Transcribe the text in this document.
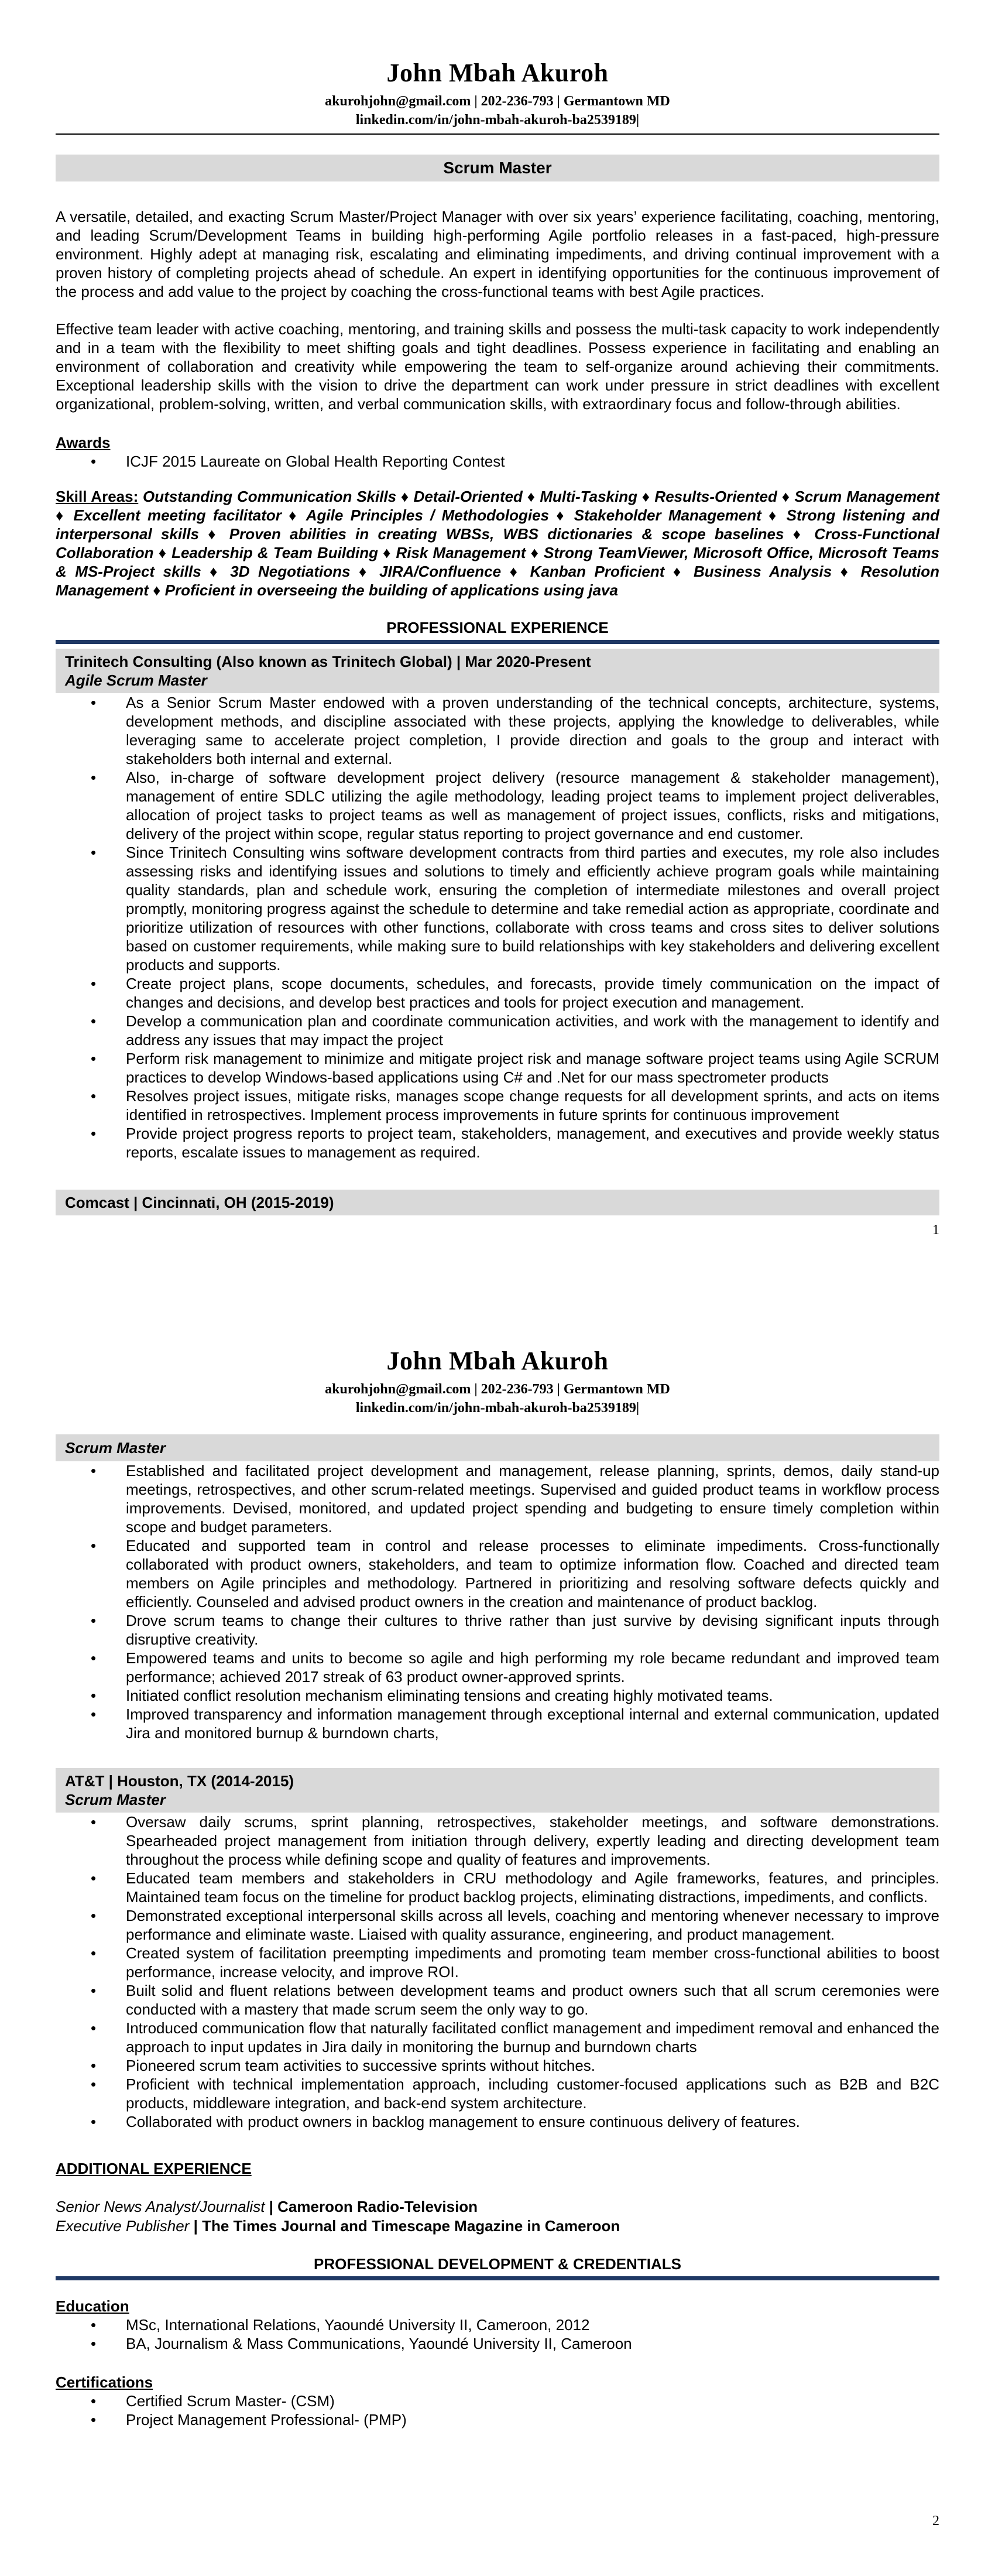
John Mbah Akuroh
akurohjohn@gmail.com | 202-236-793 | Germantown MD
linkedin.com/in/john-mbah-akuroh-ba2539189|
Scrum Master
A versatile, detailed, and exacting Scrum Master/Project Manager with over six years’ experience facilitating, coaching, mentoring, and leading Scrum/Development Teams in building high-performing Agile portfolio releases in a fast-paced, high-pressure environment. Highly adept at managing risk, escalating and eliminating impediments, and driving continual improvement with a proven history of completing projects ahead of schedule. An expert in identifying opportunities for the continuous improvement of the process and add value to the project by coaching the cross-functional teams with best Agile practices.
Effective team leader with active coaching, mentoring, and training skills and possess the multi-task capacity to work independently and in a team with the flexibility to meet shifting goals and tight deadlines. Possess experience in facilitating and enabling an environment of collaboration and creativity while empowering the team to self-organize around achieving their commitments. Exceptional leadership skills with the vision to drive the department can work under pressure in strict deadlines with excellent organizational, problem-solving, written, and verbal communication skills, with extraordinary focus and follow-through abilities.
Awards
• ICJF 2015 Laureate on Global Health Reporting Contest
Skill Areas: Outstanding Communication Skills ♦ Detail-Oriented ♦ Multi-Tasking ♦ Results-Oriented ♦ Scrum Management ♦ Excellent meeting facilitator ♦ Agile Principles / Methodologies ♦ Stakeholder Management ♦ Strong listening and interpersonal skills ♦ Proven abilities in creating WBSs, WBS dictionaries & scope baselines ♦ Cross-Functional Collaboration ♦ Leadership & Team Building ♦ Risk Management ♦ Strong TeamViewer, Microsoft Office, Microsoft Teams & MS-Project skills ♦ 3D Negotiations ♦ JIRA/Confluence ♦ Kanban Proficient ♦ Business Analysis ♦ Resolution Management ♦ Proficient in overseeing the building of applications using java
PROFESSIONAL EXPERIENCE
Trinitech Consulting (Also known as Trinitech Global) | Mar 2020-Present
Agile Scrum Master
• As a Senior Scrum Master endowed with a proven understanding of the technical concepts, architecture, systems, development methods, and discipline associated with these projects, applying the knowledge to deliverables, while leveraging same to accelerate project completion, I provide direction and goals to the group and interact with stakeholders both internal and external.
• Also, in-charge of software development project delivery (resource management & stakeholder management), management of entire SDLC utilizing the agile methodology, leading project teams to implement project deliverables, allocation of project tasks to project teams as well as management of project issues, conflicts, risks and mitigations, delivery of the project within scope, regular status reporting to project governance and end customer.
• Since Trinitech Consulting wins software development contracts from third parties and executes, my role also includes assessing risks and identifying issues and solutions to timely and efficiently achieve program goals while maintaining quality standards, plan and schedule work, ensuring the completion of intermediate milestones and overall project promptly, monitoring progress against the schedule to determine and take remedial action as appropriate, coordinate and prioritize utilization of resources with other functions, collaborate with cross teams and cross sites to deliver solutions based on customer requirements, while making sure to build relationships with key stakeholders and delivering excellent products and supports.
• Create project plans, scope documents, schedules, and forecasts, provide timely communication on the impact of changes and decisions, and develop best practices and tools for project execution and management.
• Develop a communication plan and coordinate communication activities, and work with the management to identify and address any issues that may impact the project
• Perform risk management to minimize and mitigate project risk and manage software project teams using Agile SCRUM practices to develop Windows-based applications using C# and .Net for our mass spectrometer products
• Resolves project issues, mitigate risks, manages scope change requests for all development sprints, and acts on items identified in retrospectives. Implement process improvements in future sprints for continuous improvement
• Provide project progress reports to project team, stakeholders, management, and executives and provide weekly status reports, escalate issues to management as required.
Comcast | Cincinnati, OH (2015-2019)
1
John Mbah Akuroh
akurohjohn@gmail.com | 202-236-793 | Germantown MD
linkedin.com/in/john-mbah-akuroh-ba2539189|
Scrum Master
• Established and facilitated project development and management, release planning, sprints, demos, daily stand-up meetings, retrospectives, and other scrum-related meetings. Supervised and guided product teams in workflow process improvements. Devised, monitored, and updated project spending and budgeting to ensure timely completion within scope and budget parameters.
• Educated and supported team in control and release processes to eliminate impediments. Cross-functionally collaborated with product owners, stakeholders, and team to optimize information flow. Coached and directed team members on Agile principles and methodology. Partnered in prioritizing and resolving software defects quickly and efficiently. Counseled and advised product owners in the creation and maintenance of product backlog.
• Drove scrum teams to change their cultures to thrive rather than just survive by devising significant inputs through disruptive creativity.
• Empowered teams and units to become so agile and high performing my role became redundant and improved team performance; achieved 2017 streak of 63 product owner-approved sprints.
• Initiated conflict resolution mechanism eliminating tensions and creating highly motivated teams.
• Improved transparency and information management through exceptional internal and external communication, updated Jira and monitored burnup & burndown charts,
AT&T | Houston, TX (2014-2015)
Scrum Master
• Oversaw daily scrums, sprint planning, retrospectives, stakeholder meetings, and software demonstrations. Spearheaded project management from initiation through delivery, expertly leading and directing development team throughout the process while defining scope and quality of features and improvements.
• Educated team members and stakeholders in CRU methodology and Agile frameworks, features, and principles. Maintained team focus on the timeline for product backlog projects, eliminating distractions, impediments, and conflicts.
• Demonstrated exceptional interpersonal skills across all levels, coaching and mentoring whenever necessary to improve performance and eliminate waste. Liaised with quality assurance, engineering, and product management.
• Created system of facilitation preempting impediments and promoting team member cross-functional abilities to boost performance, increase velocity, and improve ROI.
• Built solid and fluent relations between development teams and product owners such that all scrum ceremonies were conducted with a mastery that made scrum seem the only way to go.
• Introduced communication flow that naturally facilitated conflict management and impediment removal and enhanced the approach to input updates in Jira daily in monitoring the burnup and burndown charts
• Pioneered scrum team activities to successive sprints without hitches.
• Proficient with technical implementation approach, including customer-focused applications such as B2B and B2C products, middleware integration, and back-end system architecture.
• Collaborated with product owners in backlog management to ensure continuous delivery of features.
ADDITIONAL EXPERIENCE
Senior News Analyst/Journalist | Cameroon Radio-Television
Executive Publisher | The Times Journal and Timescape Magazine in Cameroon
PROFESSIONAL DEVELOPMENT & CREDENTIALS
Education
• MSc, International Relations, Yaoundé University II, Cameroon, 2012
• BA, Journalism & Mass Communications, Yaoundé University II, Cameroon
Certifications
• Certified Scrum Master- (CSM)
• Project Management Professional- (PMP)
2
